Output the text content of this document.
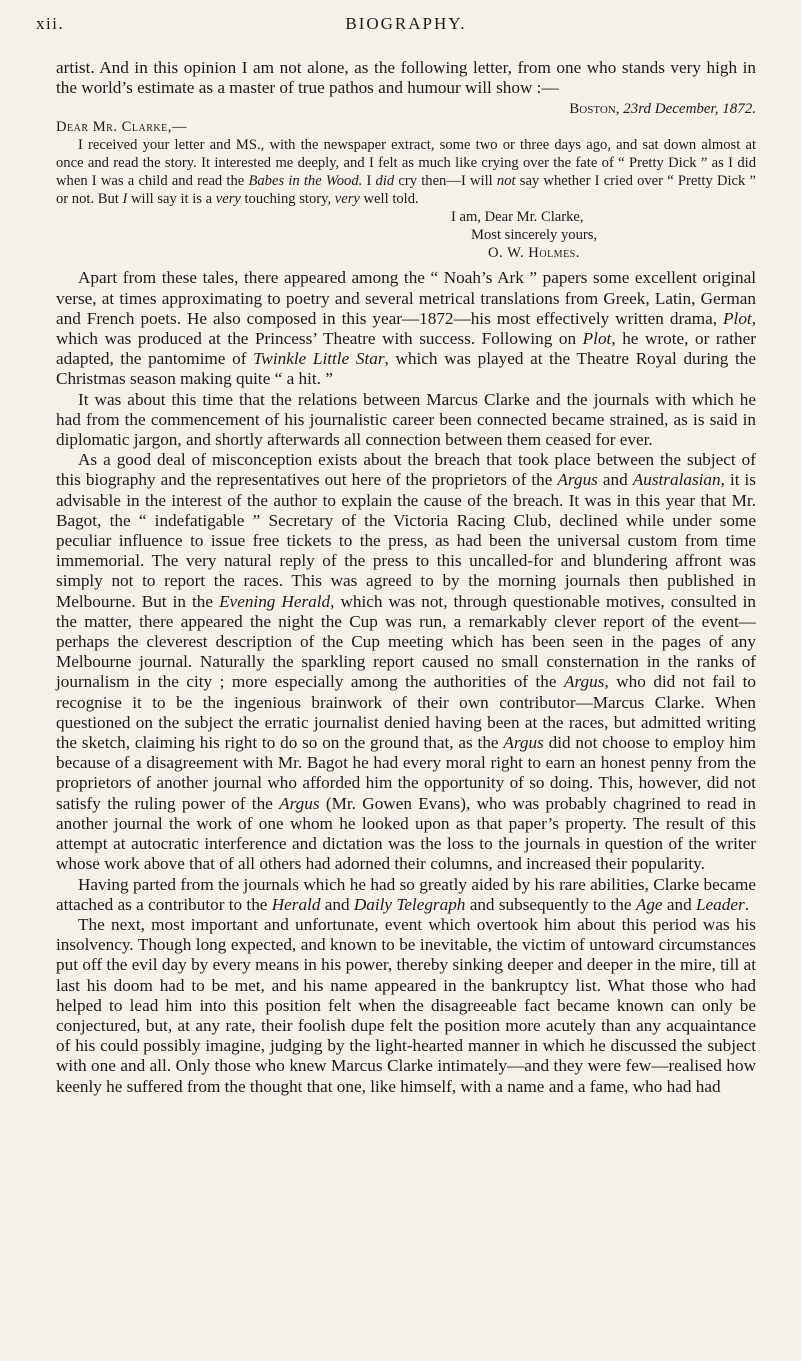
xii.	BIOGRAPHY.

artist. And in this opinion I am not alone, as the following letter, from one who stands very high in the world’s estimate as a master of true pathos and humour will show :—

Boston, 23rd December, 1872.
Dear Mr. Clarke,—
I received your letter and MS., with the newspaper extract, some two or three days ago, and sat down almost at once and read the story. It interested me deeply, and I felt as much like crying over the fate of “ Pretty Dick ” as I did when I was a child and read the Babes in the Wood. I did cry then—I will not say whether I cried over “ Pretty Dick ” or not. But I will say it is a very touching story, very well told.
I am, Dear Mr. Clarke,
Most sincerely yours,
O. W. Holmes.

Apart from these tales, there appeared among the “ Noah’s Ark ” papers some excellent original verse, at times approximating to poetry and several metrical translations from Greek, Latin, German and French poets. He also composed in this year—1872—his most effectively written drama, Plot, which was produced at the Princess’ Theatre with success. Following on Plot, he wrote, or rather adapted, the pantomime of Twinkle Little Star, which was played at the Theatre Royal during the Christmas season making quite “ a hit. ”

It was about this time that the relations between Marcus Clarke and the journals with which he had from the commencement of his journalistic career been connected became strained, as is said in diplomatic jargon, and shortly afterwards all connection between them ceased for ever.

As a good deal of misconception exists about the breach that took place between the subject of this biography and the representatives out here of the proprietors of the Argus and Australasian, it is advisable in the interest of the author to explain the cause of the breach. It was in this year that Mr. Bagot, the “ indefatigable ” Secretary of the Victoria Racing Club, declined while under some peculiar influence to issue free tickets to the press, as had been the universal custom from time immemorial. The very natural reply of the press to this uncalled-for and blundering affront was simply not to report the races. This was agreed to by the morning journals then published in Melbourne. But in the Evening Herald, which was not, through questionable motives, consulted in the matter, there appeared the night the Cup was run, a remarkably clever report of the event—perhaps the cleverest description of the Cup meeting which has been seen in the pages of any Melbourne journal. Naturally the sparkling report caused no small consternation in the ranks of journalism in the city ; more especially among the authorities of the Argus, who did not fail to recognise it to be the ingenious brainwork of their own contributor—Marcus Clarke. When questioned on the subject the erratic journalist denied having been at the races, but admitted writing the sketch, claiming his right to do so on the ground that, as the Argus did not choose to employ him because of a disagreement with Mr. Bagot he had every moral right to earn an honest penny from the proprietors of another journal who afforded him the opportunity of so doing. This, however, did not satisfy the ruling power of the Argus (Mr. Gowen Evans), who was probably chagrined to read in another journal the work of one whom he looked upon as that paper’s property. The result of this attempt at autocratic interference and dictation was the loss to the journals in question of the writer whose work above that of all others had adorned their columns, and increased their popularity.

Having parted from the journals which he had so greatly aided by his rare abilities, Clarke became attached as a contributor to the Herald and Daily Telegraph and subsequently to the Age and Leader.

The next, most important and unfortunate, event which overtook him about this period was his insolvency. Though long expected, and known to be inevitable, the victim of untoward circumstances put off the evil day by every means in his power, thereby sinking deeper and deeper in the mire, till at last his doom had to be met, and his name appeared in the bankruptcy list. What those who had helped to lead him into this position felt when the disagreeable fact became known can only be conjectured, but, at any rate, their foolish dupe felt the position more acutely than any acquaintance of his could possibly imagine, judging by the light-hearted manner in which he discussed the subject with one and all. Only those who knew Marcus Clarke intimately—and they were few—realised how keenly he suffered from the thought that one, like himself, with a name and a fame, who had had
